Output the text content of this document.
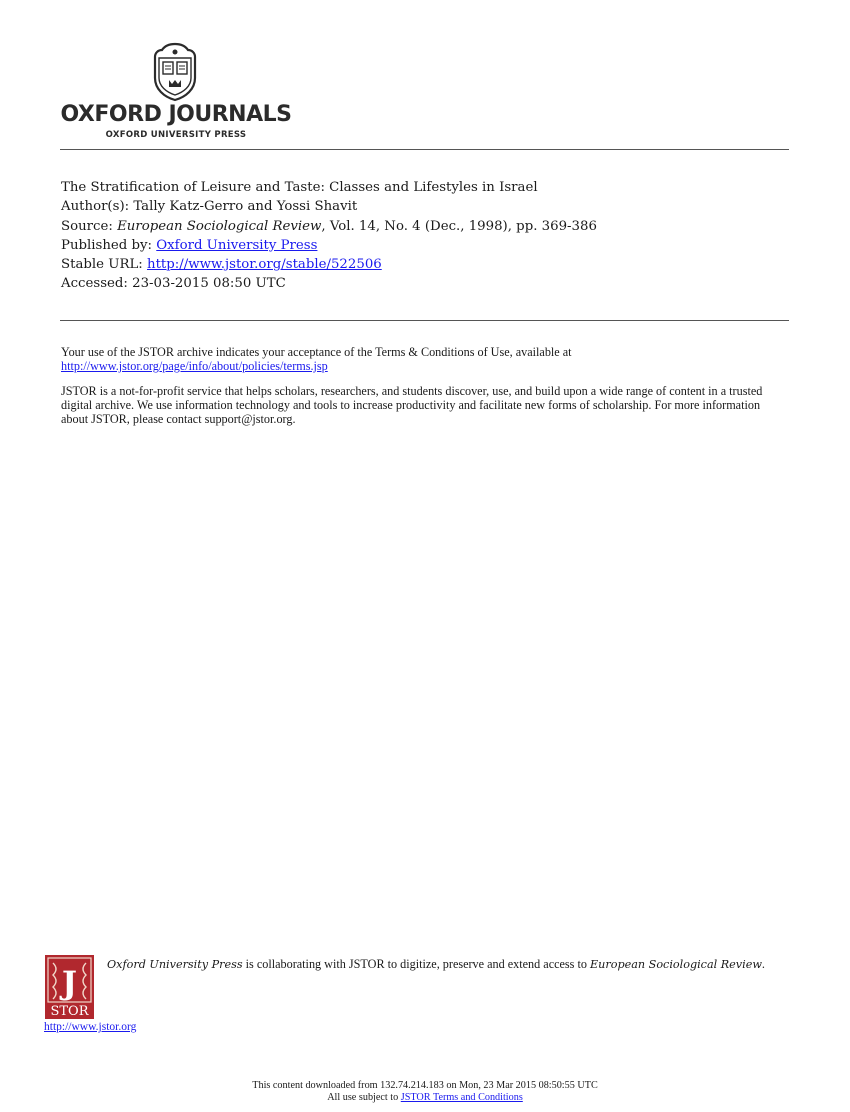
OXFORD JOURNALS
OXFORD UNIVERSITY PRESS
The Stratification of Leisure and Taste: Classes and Lifestyles in Israel
Author(s): Tally Katz-Gerro and Yossi Shavit
Source: European Sociological Review, Vol. 14, No. 4 (Dec., 1998), pp. 369-386
Published by: Oxford University Press
Stable URL: http://www.jstor.org/stable/522506
Accessed: 23-03-2015 08:50 UTC

Your use of the JSTOR archive indicates your acceptance of the Terms & Conditions of Use, available at
http://www.jstor.org/page/info/about/policies/terms.jsp

JSTOR is a not-for-profit service that helps scholars, researchers, and students discover, use, and build upon a wide range of content in a trusted digital archive. We use information technology and tools to increase productivity and facilitate new forms of scholarship. For more information about JSTOR, please contact support@jstor.org.

J
STOR
http://www.jstor.org
Oxford University Press is collaborating with JSTOR to digitize, preserve and extend access to European Sociological Review.
This content downloaded from 132.74.214.183 on Mon, 23 Mar 2015 08:50:55 UTC
All use subject to JSTOR Terms and Conditions
